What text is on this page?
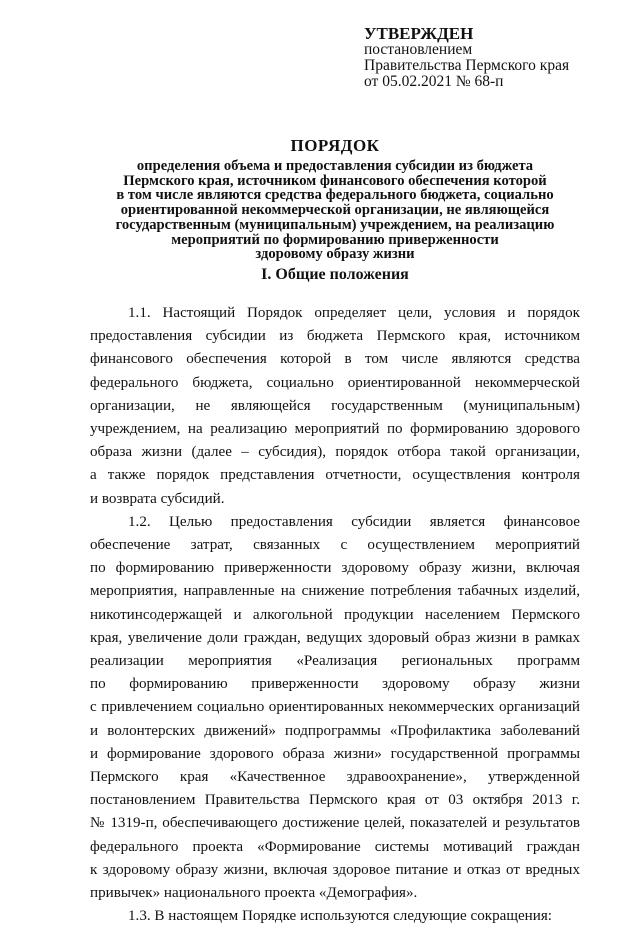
УТВЕРЖДЕН
постановлением
Правительства Пермского края
от 05.02.2021 № 68-п
ПОРЯДОК
определения объема и предоставления субсидии из бюджета
Пермского края, источником финансового обеспечения которой
в том числе являются средства федерального бюджета, социально
ориентированной некоммерческой организации, не являющейся
государственным (муниципальным) учреждением, на реализацию
мероприятий по формированию приверженности
здоровому образу жизни
I. Общие положения
1.1. Настоящий Порядок определяет цели, условия и порядок
предоставления субсидии из бюджета Пермского края, источником
финансового обеспечения которой в том числе являются средства
федерального бюджета, социально ориентированной некоммерческой
организации, не являющейся государственным (муниципальным)
учреждением, на реализацию мероприятий по формированию здорового
образа жизни (далее – субсидия), порядок отбора такой организации,
а также порядок представления отчетности, осуществления контроля
и возврата субсидий.
1.2. Целью предоставления субсидии является финансовое
обеспечение затрат, связанных с осуществлением мероприятий
по формированию приверженности здоровому образу жизни, включая
мероприятия, направленные на снижение потребления табачных изделий,
никотинсодержащей и алкогольной продукции населением Пермского
края, увеличение доли граждан, ведущих здоровый образ жизни в рамках
реализации мероприятия «Реализация региональных программ
по формированию приверженности здоровому образу жизни
с привлечением социально ориентированных некоммерческих организаций
и волонтерских движений» подпрограммы «Профилактика заболеваний
и формирование здорового образа жизни» государственной программы
Пермского края «Качественное здравоохранение», утвержденной
постановлением Правительства Пермского края от 03 октября 2013 г.
№ 1319-п, обеспечивающего достижение целей, показателей и результатов
федерального проекта «Формирование системы мотиваций граждан
к здоровому образу жизни, включая здоровое питание и отказ от вредных
привычек» национального проекта «Демография».
1.3. В настоящем Порядке используются следующие сокращения:
